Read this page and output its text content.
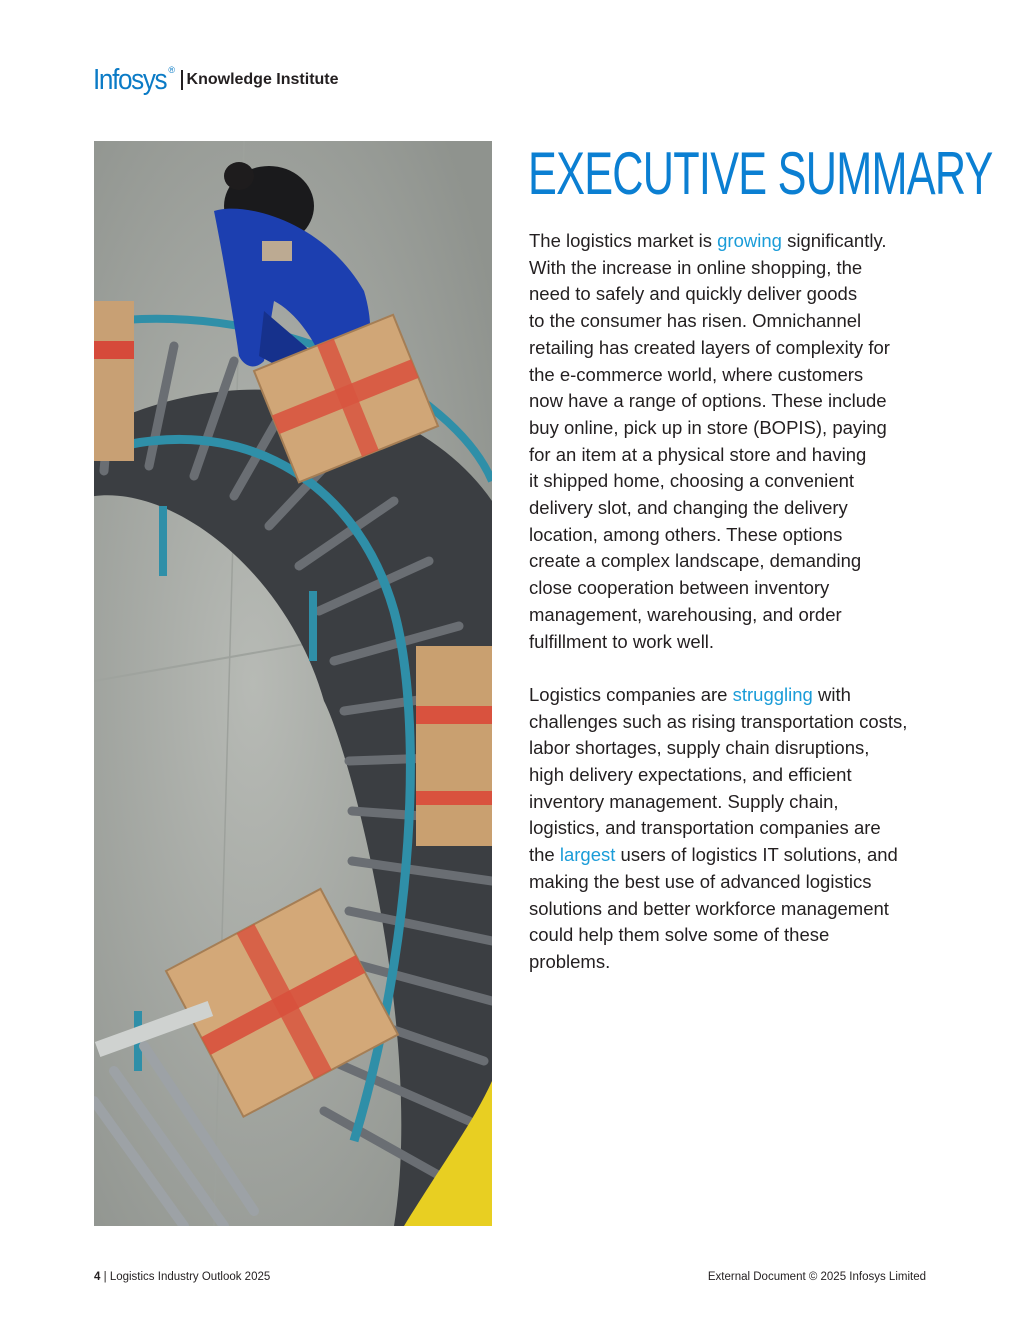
Infosys ®
Knowledge Institute
EXECUTIVE SUMMARY

The logistics market is growing significantly.
With the increase in online shopping, the
need to safely and quickly deliver goods
to the consumer has risen. Omnichannel
retailing has created layers of complexity for
the e-commerce world, where customers
now have a range of options. These include
buy online, pick up in store (BOPIS), paying
for an item at a physical store and having
it shipped home, choosing a convenient
delivery slot, and changing the delivery
location, among others. These options
create a complex landscape, demanding
close cooperation between inventory
management, warehousing, and order
fulfillment to work well.

Logistics companies are struggling with
challenges such as rising transportation costs,
labor shortages, supply chain disruptions,
high delivery expectations, and efficient
inventory management. Supply chain,
logistics, and transportation companies are
the largest users of logistics IT solutions, and
making the best use of advanced logistics
solutions and better workforce management
could help them solve some of these
problems.

4 | Logistics Industry Outlook 2025	External Document © 2025 Infosys Limited
